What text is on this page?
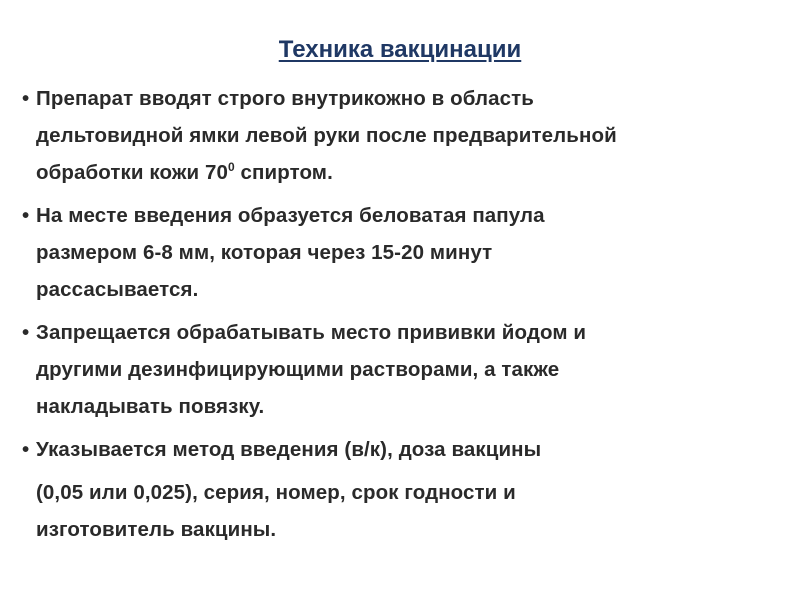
Техника вакцинации
• Препарат вводят строго внутрикожно в область
дельтовидной ямки левой руки после предварительной
обработки кожи $70^0$ спиртом.
• На месте введения образуется беловатая папула
размером 6-8 мм, которая через 15-20 минут
рассасывается.
• Запрещается обрабатывать место прививки йодом и
другими дезинфицирующими растворами, а также
накладывать повязку.
• Указывается метод введения (в/к), доза вакцины
(0,05 или 0,025), серия, номер, срок годности и
изготовитель вакцины.
